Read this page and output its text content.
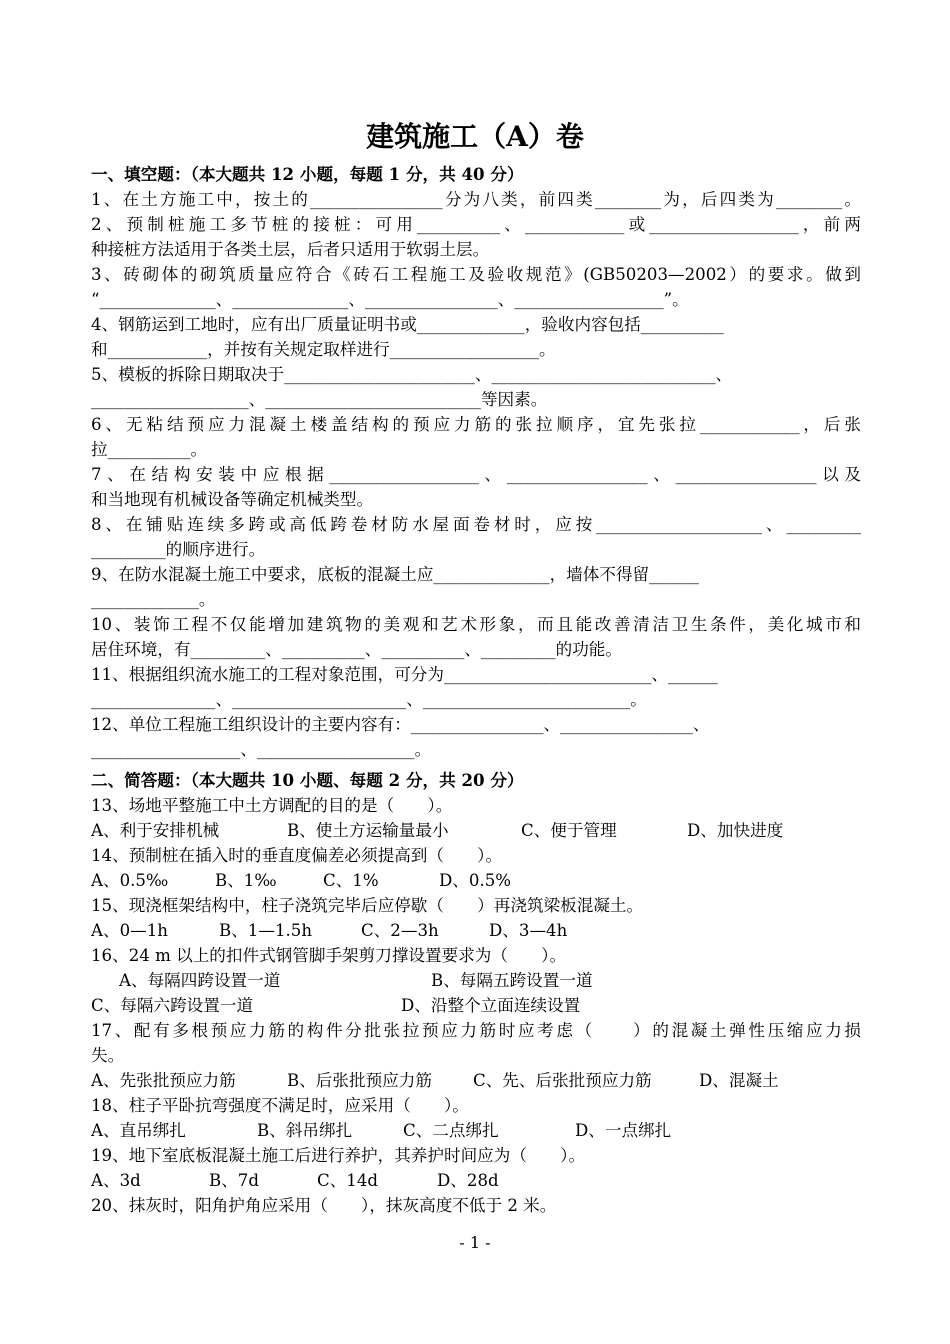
建筑施工（A）卷
一、填空题：（本大题共 12 小题，每题 1 分，共 40 分）
1、在土方施工中，按土的________________分为八类，前四类________为，后四类为________。
2、预制桩施工多节桩的接桩：可用__________、____________或__________________，前两
种接桩方法适用于各类土层，后者只适用于软弱土层。
3、砖砌体的砌筑质量应符合《砖石工程施工及验收规范》(GB50203—2002）的要求。做到
“______________、______________、________________、__________________”。
4、钢筋运到工地时，应有出厂质量证明书或_____________，验收内容包括__________
和____________，并按有关规定取样进行__________________。
5、模板的拆除日期取决于_______________________、___________________________、
___________________、__________________________等因素。
6、无粘结预应力混凝土楼盖结构的预应力筋的张拉顺序，宜先张拉____________，后张
拉__________。
7、在结构安装中应根据__________________、_________________、_________________以及
和当地现有机械设备等确定机械类型。
8、在铺贴连续多跨或高低跨卷材防水屋面卷材时，应按____________________、_________
_________的顺序进行。
9、在防水混凝土施工中要求，底板的混凝土应______________，墙体不得留______
_____________。
10、装饰工程不仅能增加建筑物的美观和艺术形象，而且能改善清洁卫生条件，美化城市和
居住环境，有_________、__________、__________、_________的功能。
11、根据组织流水施工的工程对象范围，可分为_________________________、______
_______________、_____________________、_________________________。
12、单位工程施工组织设计的主要内容有：________________、________________、
__________________、___________________。
二、简答题：（本大题共 10 小题、每题 2 分，共 20 分）
13、场地平整施工中土方调配的目的是（　　）。
A、利于安排机械	B、使土方运输量最小	C、便于管理	D、加快进度
14、预制桩在插入时的垂直度偏差必须提高到（　　）。
A、0.5‰	B、1‰	C、1%	D、0.5%
15、现浇框架结构中，柱子浇筑完毕后应停歇（　　）再浇筑梁板混凝土。
A、0—1h	B、1—1.5h	C、2—3h	D、3—4h
16、24 m 以上的扣件式钢管脚手架剪刀撑设置要求为（　　）。
A、每隔四跨设置一道	B、每隔五跨设置一道
C、每隔六跨设置一道	D、沿整个立面连续设置
17、配有多根预应力筋的构件分批张拉预应力筋时应考虑（　　）的混凝土弹性压缩应力损
失。
A、先张批预应力筋	B、后张批预应力筋	C、先、后张批预应力筋	D、混凝土
18、柱子平卧抗弯强度不满足时，应采用（　　）。
A、直吊绑扎	B、斜吊绑扎	C、二点绑扎	D、一点绑扎
19、地下室底板混凝土施工后进行养护，其养护时间应为（　　）。
A、3d	B、7d	C、14d	D、28d
20、抹灰时，阳角护角应采用（　　），抹灰高度不低于 2 米。
- 1 -
